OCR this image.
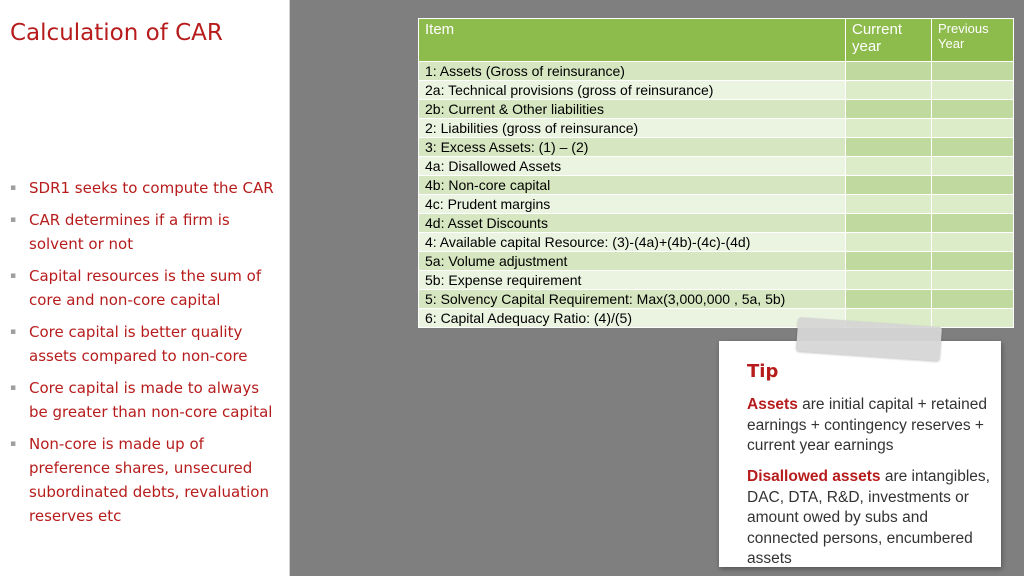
Calculation of CAR
▪ SDR1 seeks to compute the CAR
▪ CAR determines if a firm is solvent or not
▪ Capital resources is the sum of core and non-core capital
▪ Core capital is better quality assets compared to non-core
▪ Core capital is made to always be greater than non-core capital
▪ Non-core is made up of preference shares, unsecured subordinated debts, revaluation reserves etc
Item	Current year	Previous Year
1: Assets (Gross of reinsurance)		
2a: Technical provisions (gross of reinsurance)		
2b: Current & Other liabilities		
2: Liabilities (gross of reinsurance)		
3: Excess Assets: (1) – (2)		
4a: Disallowed Assets		
4b: Non-core capital		
4c: Prudent margins		
4d: Asset Discounts		
4: Available capital Resource: (3)-(4a)+(4b)-(4c)-(4d)		
5a: Volume adjustment		
5b: Expense requirement		
5: Solvency Capital Requirement: Max(3,000,000 , 5a, 5b)		
6: Capital Adequacy Ratio: (4)/(5)		
Tip

Assets are initial capital + retained earnings + contingency reserves + current year earnings

Disallowed assets are intangibles, DAC, DTA, R&D, investments or amount owed by subs and connected persons, encumbered assets
